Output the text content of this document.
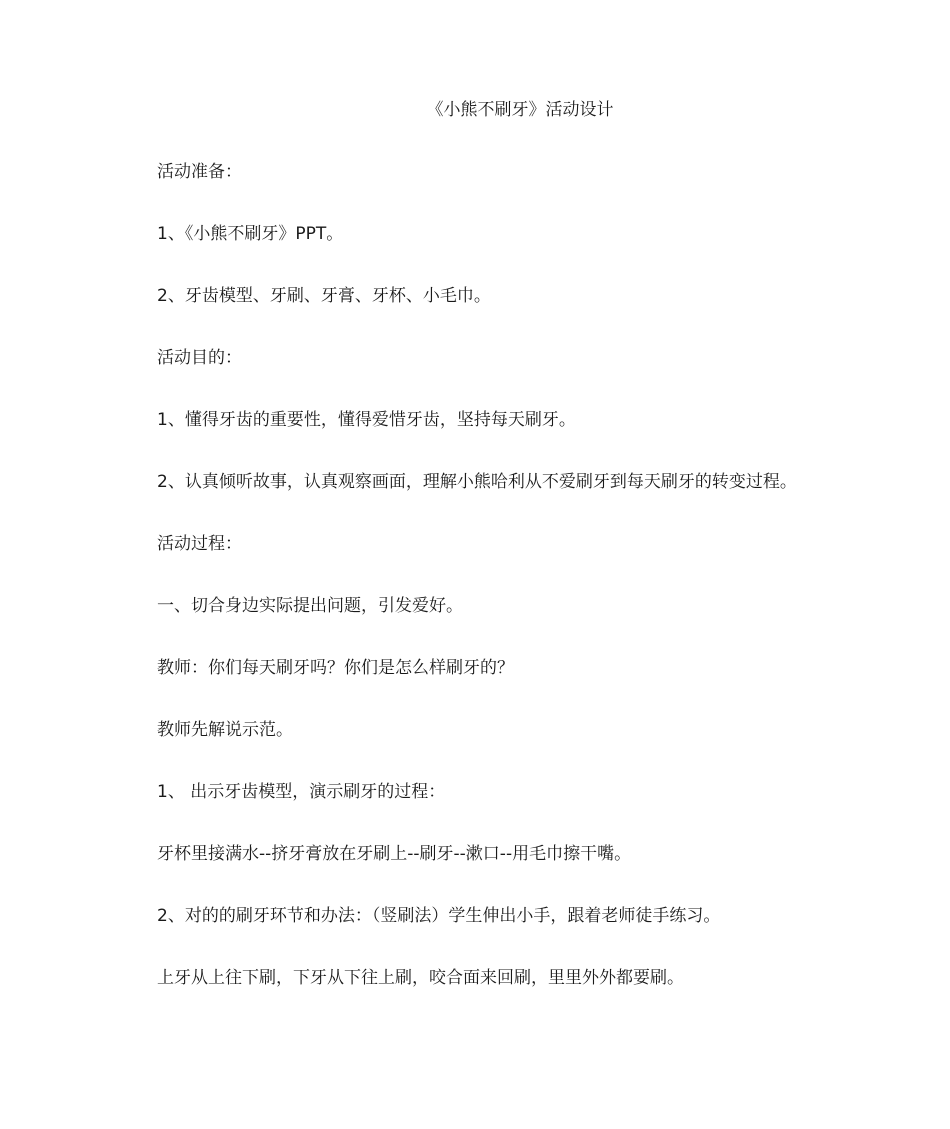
《小熊不刷牙》活动设计
活动准备：
1、《小熊不刷牙》PPT。
2、牙齿模型、牙刷、牙膏、牙杯、小毛巾。
活动目的：
1、懂得牙齿的重要性，懂得爱惜牙齿，坚持每天刷牙。
2、认真倾听故事，认真观察画面，理解小熊哈利从不爱刷牙到每天刷牙的转变过程。
活动过程：
一、切合身边实际提出问题，引发爱好。
教师：你们每天刷牙吗？你们是怎么样刷牙的？
教师先解说示范。
1、 出示牙齿模型，演示刷牙的过程：
牙杯里接满水--挤牙膏放在牙刷上--刷牙--漱口--用毛巾擦干嘴。
2、对的的刷牙环节和办法：（竖刷法）学生伸出小手，跟着老师徒手练习。
上牙从上往下刷，下牙从下往上刷，咬合面来回刷，里里外外都要刷。
